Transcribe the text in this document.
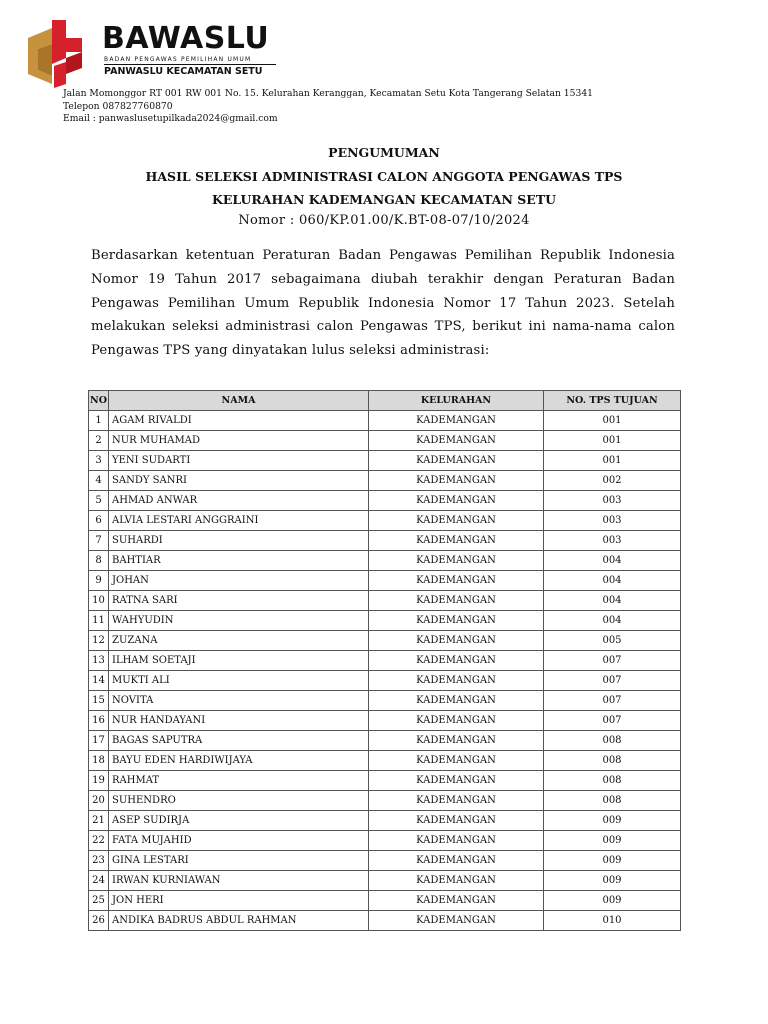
BAWASLU
BADAN PENGAWAS PEMILIHAN UMUM
PANWASLU KECAMATAN SETU
Jalan Momonggor RT 001 RW 001 No. 15. Kelurahan Keranggan, Kecamatan Setu Kota Tangerang Selatan 15341
Telepon 087827760870
Email : panwaslusetupilkada2024@gmail.com
PENGUMUMAN
HASIL SELEKSI ADMINISTRASI CALON ANGGOTA PENGAWAS TPS
KELURAHAN KADEMANGAN KECAMATAN SETU
Nomor : 060/KP.01.00/K.BT-08-07/10/2024
Berdasarkan ketentuan Peraturan Badan Pengawas Pemilihan Republik Indonesia Nomor 19 Tahun 2017 sebagaimana diubah terakhir dengan Peraturan Badan Pengawas Pemilihan Umum Republik Indonesia Nomor 17 Tahun 2023. Setelah melakukan seleksi administrasi calon Pengawas TPS, berikut ini nama-nama calon Pengawas TPS yang dinyatakan lulus seleksi administrasi:
NO	NAMA	KELURAHAN	NO. TPS TUJUAN
1	AGAM RIVALDI	KADEMANGAN	001
2	NUR MUHAMAD	KADEMANGAN	001
3	YENI SUDARTI	KADEMANGAN	001
4	SANDY SANRI	KADEMANGAN	002
5	AHMAD ANWAR	KADEMANGAN	003
6	ALVIA LESTARI ANGGRAINI	KADEMANGAN	003
7	SUHARDI	KADEMANGAN	003
8	BAHTIAR	KADEMANGAN	004
9	JOHAN	KADEMANGAN	004
10	RATNA SARI	KADEMANGAN	004
11	WAHYUDIN	KADEMANGAN	004
12	ZUZANA	KADEMANGAN	005
13	ILHAM SOETAJI	KADEMANGAN	007
14	MUKTI ALI	KADEMANGAN	007
15	NOVITA	KADEMANGAN	007
16	NUR HANDAYANI	KADEMANGAN	007
17	BAGAS SAPUTRA	KADEMANGAN	008
18	BAYU EDEN HARDIWIJAYA	KADEMANGAN	008
19	RAHMAT	KADEMANGAN	008
20	SUHENDRO	KADEMANGAN	008
21	ASEP SUDIRJA	KADEMANGAN	009
22	FATA MUJAHID	KADEMANGAN	009
23	GINA LESTARI	KADEMANGAN	009
24	IRWAN KURNIAWAN	KADEMANGAN	009
25	JON HERI	KADEMANGAN	009
26	ANDIKA BADRUS ABDUL RAHMAN	KADEMANGAN	010
